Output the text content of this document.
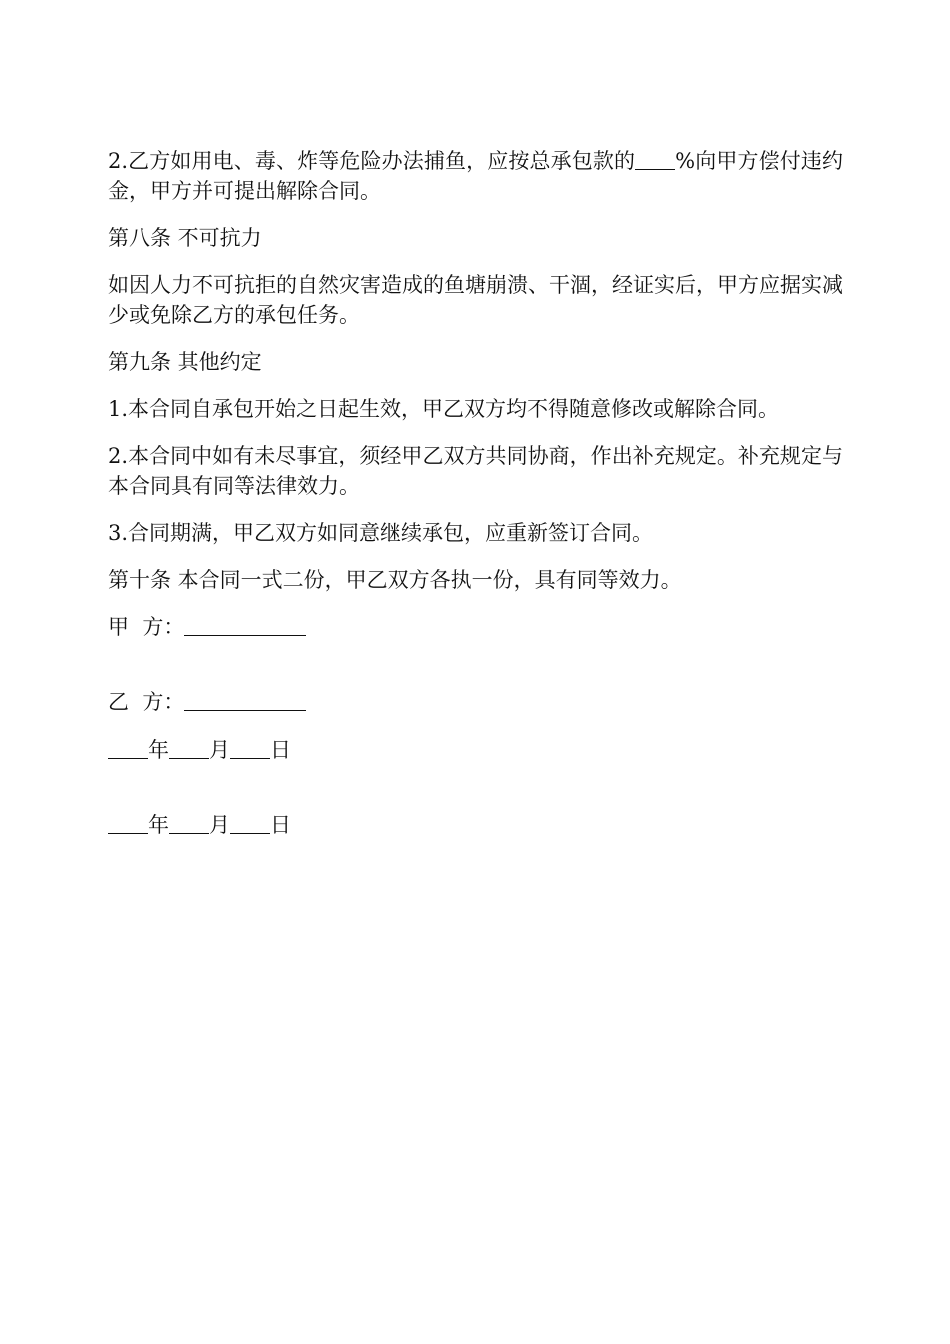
2.乙方如用电、毒、炸等危险办法捕鱼，应按总承包款的 %向甲方偿付违约金，甲方并可提出解除合同。

第八条 不可抗力

如因人力不可抗拒的自然灾害造成的鱼塘崩溃、干涸，经证实后，甲方应据实减少或免除乙方的承包任务。

第九条 其他约定

1.本合同自承包开始之日起生效，甲乙双方均不得随意修改或解除合同。

2.本合同中如有未尽事宜，须经甲乙双方共同协商，作出补充规定。补充规定与本合同具有同等法律效力。

3.合同期满，甲乙双方如同意继续承包，应重新签订合同。

第十条 本合同一式二份，甲乙双方各执一份，具有同等效力。

甲  方：

乙  方：

年 月 日

年 月 日
